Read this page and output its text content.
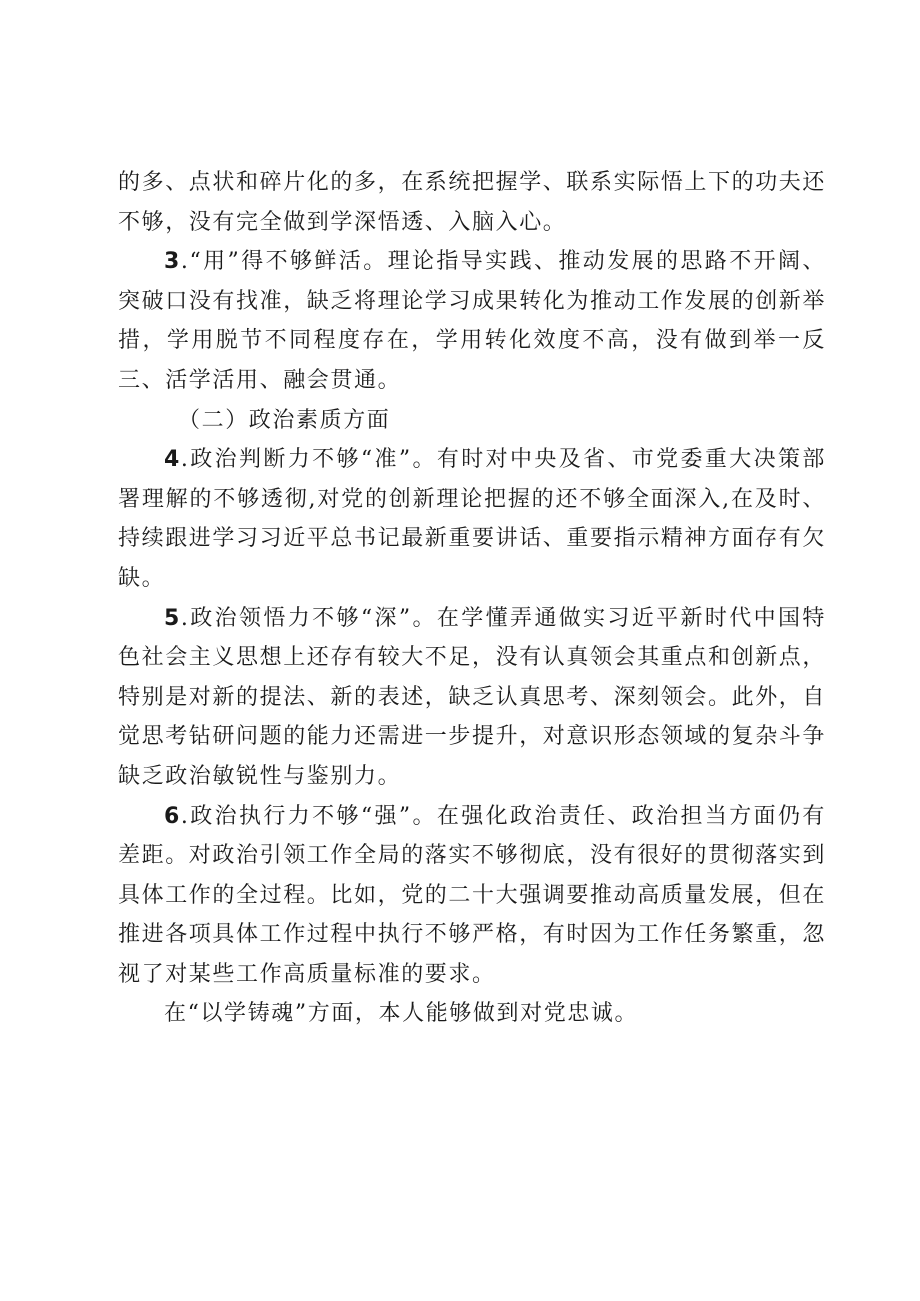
的多、点状和碎片化的多，在系统把握学、联系实际悟上下的功夫还不够，没有完全做到学深悟透、入脑入心。

3.“用”得不够鲜活。理论指导实践、推动发展的思路不开阔、突破口没有找准，缺乏将理论学习成果转化为推动工作发展的创新举措，学用脱节不同程度存在，学用转化效度不高，没有做到举一反三、活学活用、融会贯通。

（二）政治素质方面

4.政治判断力不够“准”。有时对中央及省、市党委重大决策部署理解的不够透彻,对党的创新理论把握的还不够全面深入,在及时、持续跟进学习习近平总书记最新重要讲话、重要指示精神方面存有欠缺。

5.政治领悟力不够“深”。在学懂弄通做实习近平新时代中国特色社会主义思想上还存有较大不足，没有认真领会其重点和创新点，特别是对新的提法、新的表述，缺乏认真思考、深刻领会。此外，自觉思考钻研问题的能力还需进一步提升，对意识形态领域的复杂斗争缺乏政治敏锐性与鉴别力。

6.政治执行力不够“强”。在强化政治责任、政治担当方面仍有差距。对政治引领工作全局的落实不够彻底，没有很好的贯彻落实到具体工作的全过程。比如，党的二十大强调要推动高质量发展，但在推进各项具体工作过程中执行不够严格，有时因为工作任务繁重，忽视了对某些工作高质量标准的要求。

在“以学铸魂”方面，本人能够做到对党忠诚。
